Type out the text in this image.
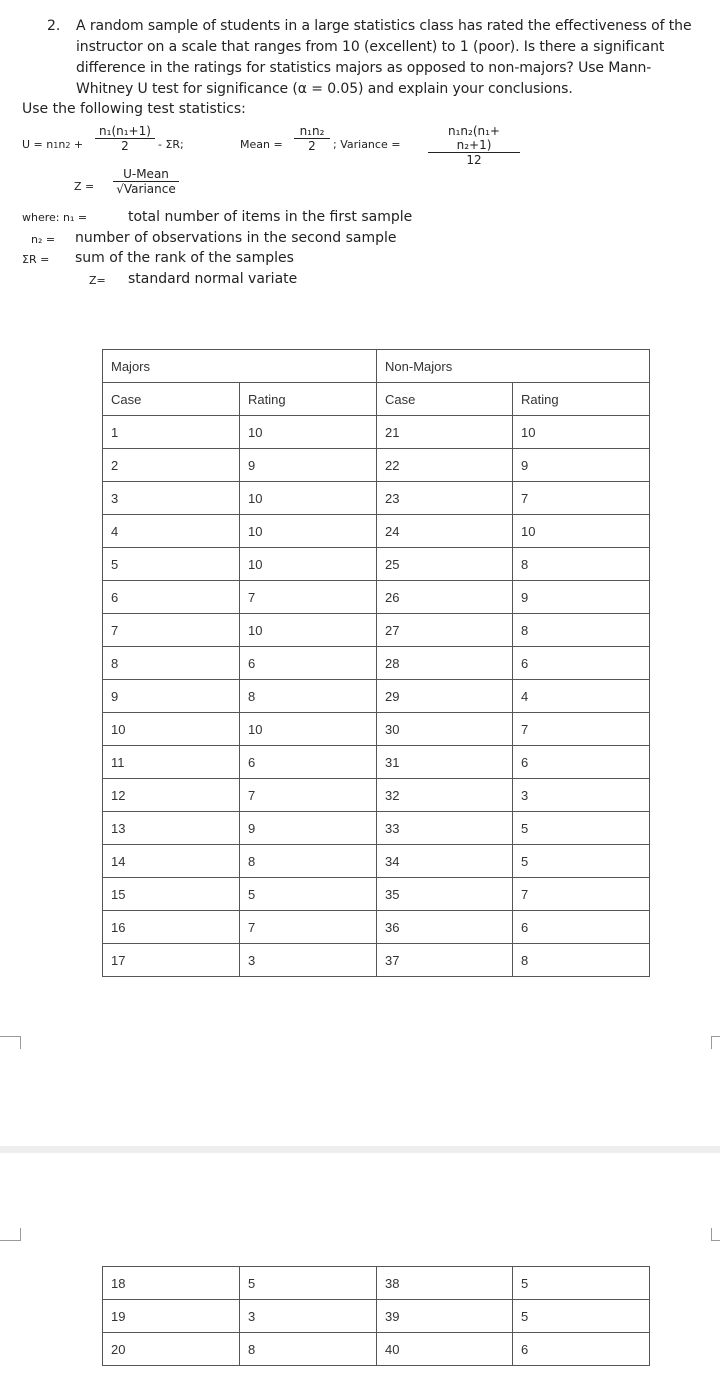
2. A random sample of students in a large statistics class has rated the effectiveness of the
instructor on a scale that ranges from 10 (excellent) to 1 (poor). Is there a significant
difference in the ratings for statistics majors as opposed to non-majors? Use Mann-
Whitney U test for significance (α = 0.05) and explain your conclusions.
Use the following test statistics:
$U = n1n2 + \frac{\text{n₁(n₁+1)}}{2} - \Sigma R$;	Mean = $\frac{\text{n₁n₂}}{2}$ ; Variance = $\frac{\text{n₁n₂(n₁+ n₂+1)}}{12}$
Z =
U-Mean
√Variance
where: n₁ =	total number of items in the first sample
n₂ = number of observations in the second sample
ΣR = sum of the rank of the samples
Z= standard normal variate
Majors		Non-Majors	
Case	Rating	Case	Rating
1	10	21	10
2	9	22	9
3	10	23	7
4	10	24	10
5	10	25	8
6	7	26	9
7	10	27	8
8	6	28	6
9	8	29	4
10	10	30	7
11	6	31	6
12	7	32	3
13	9	33	5
14	8	34	5
15	5	35	7
16	7	36	6
17	3	37	8
18	5	38	5
19	3	39	5
20	8	40	6
